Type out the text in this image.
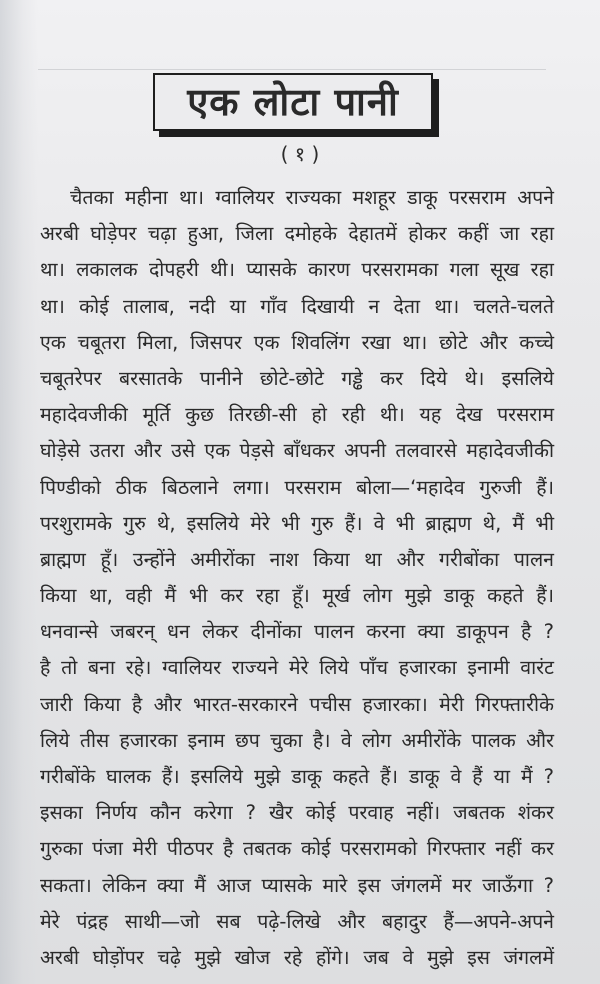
एक लोटा पानी
( १ )
चैतका महीना था। ग्वालियर राज्यका मशहूर डाकू परसराम अपने
अरबी घोड़ेपर चढ़ा हुआ, जिला दमोहके देहातमें होकर कहीं जा रहा
था। लकालक दोपहरी थी। प्यासके कारण परसरामका गला सूख रहा
था। कोई तालाब, नदी या गाँव दिखायी न देता था। चलते-चलते
एक चबूतरा मिला, जिसपर एक शिवलिंग रखा था। छोटे और कच्चे
चबूतरेपर बरसातके पानीने छोटे-छोटे गड्ढे कर दिये थे। इसलिये
महादेवजीकी मूर्ति कुछ तिरछी-सी हो रही थी। यह देख परसराम
घोड़ेसे उतरा और उसे एक पेड़से बाँधकर अपनी तलवारसे महादेवजीकी
पिण्डीको ठीक बिठलाने लगा। परसराम बोला—‘महादेव गुरुजी हैं।
परशुरामके गुरु थे, इसलिये मेरे भी गुरु हैं। वे भी ब्राह्मण थे, मैं भी
ब्राह्मण हूँ। उन्होंने अमीरोंका नाश किया था और गरीबोंका पालन
किया था, वही मैं भी कर रहा हूँ। मूर्ख लोग मुझे डाकू कहते हैं।
धनवान्से जबरन् धन लेकर दीनोंका पालन करना क्या डाकूपन है ?
है तो बना रहे। ग्वालियर राज्यने मेरे लिये पाँच हजारका इनामी वारंट
जारी किया है और भारत-सरकारने पचीस हजारका। मेरी गिरफ्तारीके
लिये तीस हजारका इनाम छप चुका है। वे लोग अमीरोंके पालक और
गरीबोंके घालक हैं। इसलिये मुझे डाकू कहते हैं। डाकू वे हैं या मैं ?
इसका निर्णय कौन करेगा ? खैर कोई परवाह नहीं। जबतक शंकर
गुरुका पंजा मेरी पीठपर है तबतक कोई परसरामको गिरफ्तार नहीं कर
सकता। लेकिन क्या मैं आज प्यासके मारे इस जंगलमें मर जाऊँगा ?
मेरे पंद्रह साथी—जो सब पढ़े-लिखे और बहादुर हैं—अपने-अपने
अरबी घोड़ोंपर चढ़े मुझे खोज रहे होंगे। जब वे मुझे इस जंगलमें
